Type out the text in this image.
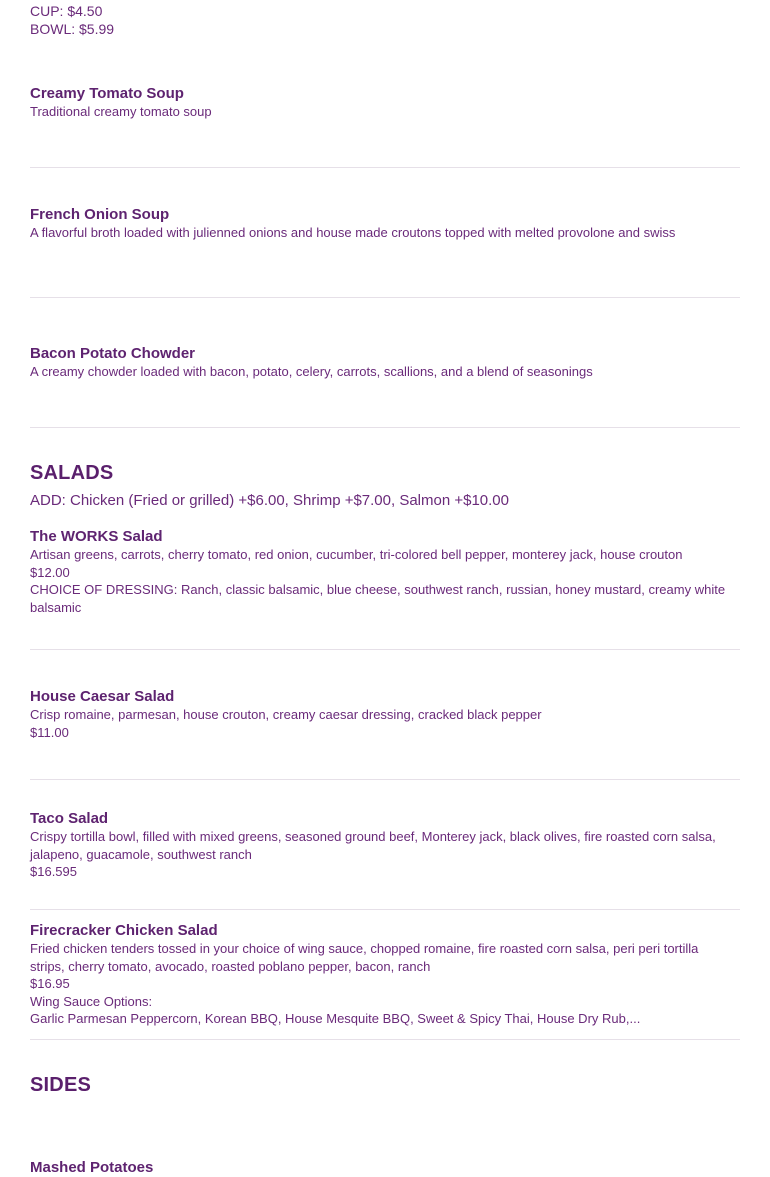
CUP: $4.50
BOWL: $5.99
Creamy Tomato Soup
Traditional creamy tomato soup
French Onion Soup
A flavorful broth loaded with julienned onions and house made croutons topped with melted provolone and swiss
Bacon Potato Chowder
A creamy chowder loaded with bacon, potato, celery, carrots, scallions, and a blend of seasonings
SALADS
ADD: Chicken (Fried or grilled) +$6.00, Shrimp +$7.00, Salmon +$10.00
The WORKS Salad
Artisan greens, carrots, cherry tomato, red onion, cucumber, tri-colored bell pepper, monterey jack, house crouton
$12.00
CHOICE OF DRESSING: Ranch, classic balsamic, blue cheese, southwest ranch, russian, honey mustard, creamy white balsamic
House Caesar Salad
Crisp romaine, parmesan, house crouton, creamy caesar dressing, cracked black pepper
$11.00
Taco Salad
Crispy tortilla bowl, filled with mixed greens, seasoned ground beef, Monterey jack, black olives, fire roasted corn salsa, jalapeno, guacamole, southwest ranch
$16.595
Firecracker Chicken Salad
Fried chicken tenders tossed in your choice of wing sauce, chopped romaine, fire roasted corn salsa, peri peri tortilla strips, cherry tomato, avocado, roasted poblano pepper, bacon, ranch
$16.95
Wing Sauce Options:
Garlic Parmesan Peppercorn, Korean BBQ, House Mesquite BBQ, Sweet & Spicy Thai, House Dry Rub,...
SIDES
Mashed Potatoes
